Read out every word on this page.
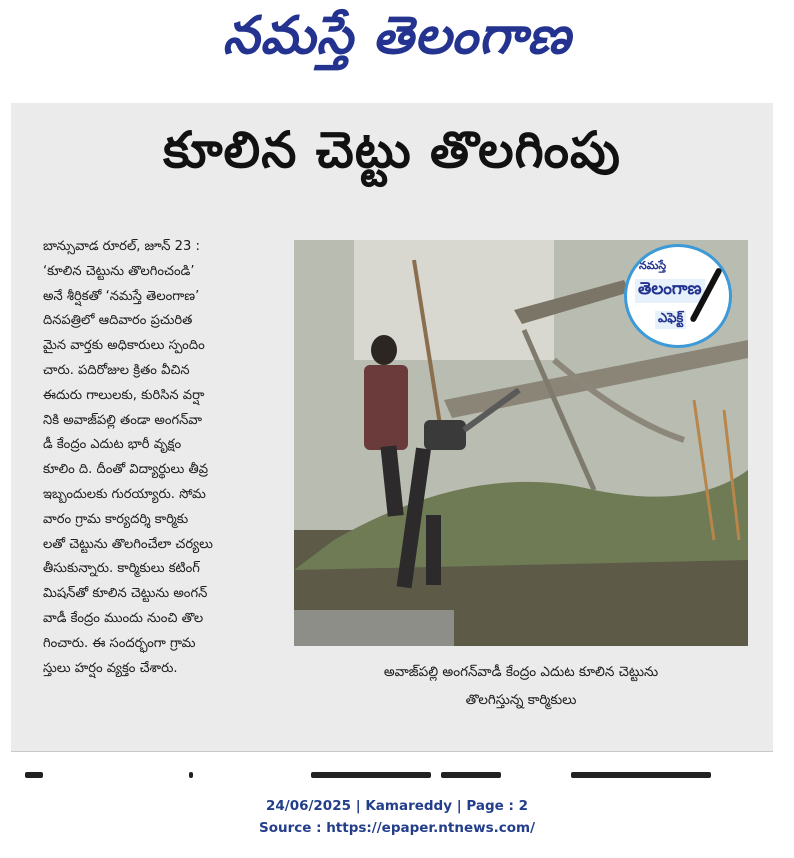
నమస్తే తెలంగాణ
కూలిన చెట్టు తొలగింపు
బాన్సువాడ రూరల్‌, జూన్‌ 23 :
‘కూలిన చెట్టును తొలగించండి’
అనే శీర్షికతో ‘నమస్తే తెలంగాణ’
దినపత్రిలో ఆదివారం ప్రచురిత
మైన వార్తకు అధికారులు స్పందిం
చారు. పదిరోజుల క్రితం వీచిన
ఈదురు గాలులకు, కురిసిన వర్షా
నికి అవాజ్‌పల్లి తండా అంగన్‌వా
డీ కేంద్రం ఎదుట భారీ వృక్షం
కూలిం ది. దీంతో విద్యార్థులు తీవ్ర
ఇబ్బందులకు గురయ్యారు. సోమ
వారం గ్రామ కార్యదర్శి కార్మికు
లతో చెట్టును తొలగించేలా చర్యలు
తీసుకున్నారు. కార్మికులు కటింగ్‌
మిషన్‌తో కూలిన చెట్టును అంగన్‌
వాడీ కేంద్రం ముందు నుంచి తొల
గించారు. ఈ సందర్భంగా గ్రామ
స్తులు హర్షం వ్యక్తం చేశారు.
నమస్తే
తెలంగాణ
ఎఫెక్ట్‌
అవాజ్‌పల్లి అంగన్‌వాడీ కేంద్రం ఎదుట కూలిన చెట్టును
తొలగిస్తున్న కార్మికులు
24/06/2025 | Kamareddy | Page : 2
Source : https://epaper.ntnews.com/
